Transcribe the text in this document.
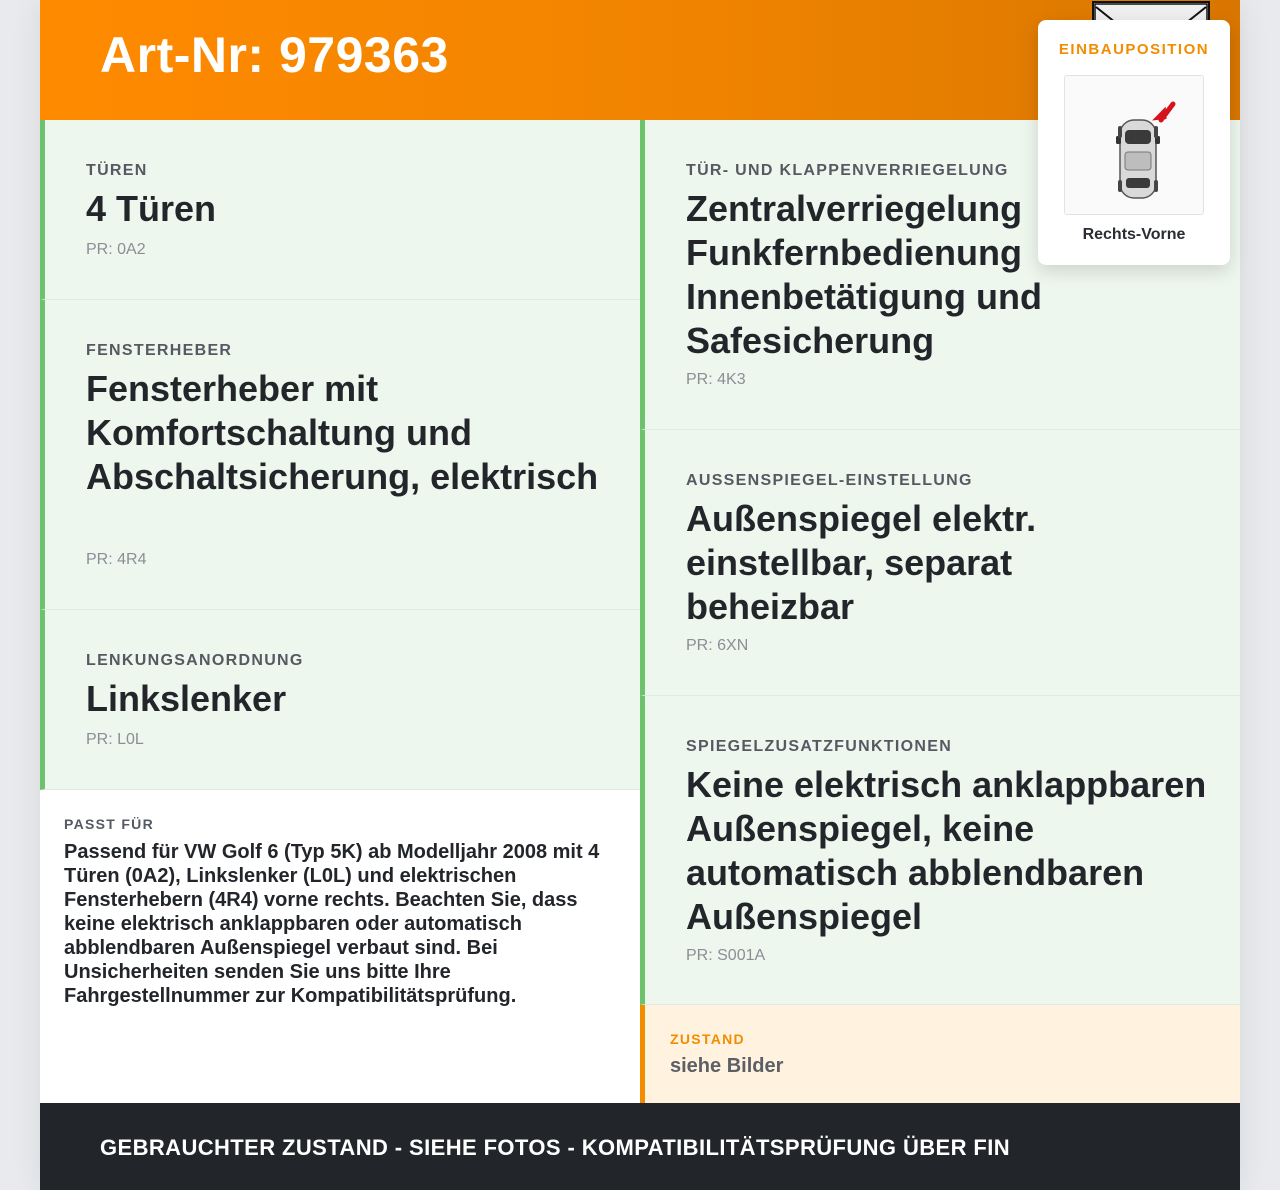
Art-Nr: 979363	EINBAUPOSITION
Rechts-Vorne
TÜREN
4 Türen
PR: 0A2
FENSTERHEBER
Fensterheber mit Komfortschaltung und Abschaltsicherung, elektrisch
PR: 4R4
LENKUNGSANORDNUNG
Linkslenker
PR: L0L
PASST FÜR
Passend für VW Golf 6 (Typ 5K) ab Modelljahr 2008 mit 4 Türen (0A2), Linkslenker (L0L) und elektrischen Fensterhebern (4R4) vorne rechts. Beachten Sie, dass keine elektrisch anklappbaren oder automatisch abblendbaren Außenspiegel verbaut sind. Bei Unsicherheiten senden Sie uns bitte Ihre Fahrgestellnummer zur Kompatibilitätsprüfung.
TÜR- UND KLAPPENVERRIEGELUNG
Zentralverriegelung Funkfernbedienung Innenbetätigung und Safesicherung
PR: 4K3
AUSSENSPIEGEL-EINSTELLUNG
Außenspiegel elektr. einstellbar, separat beheizbar
PR: 6XN
SPIEGELZUSATZFUNKTIONEN
Keine elektrisch anklappbaren Außenspiegel, keine automatisch abblendbaren Außenspiegel
PR: S001A
ZUSTAND
siehe Bilder
GEBRAUCHTER ZUSTAND - SIEHE FOTOS - KOMPATIBILITÄTSPRÜFUNG ÜBER FIN
